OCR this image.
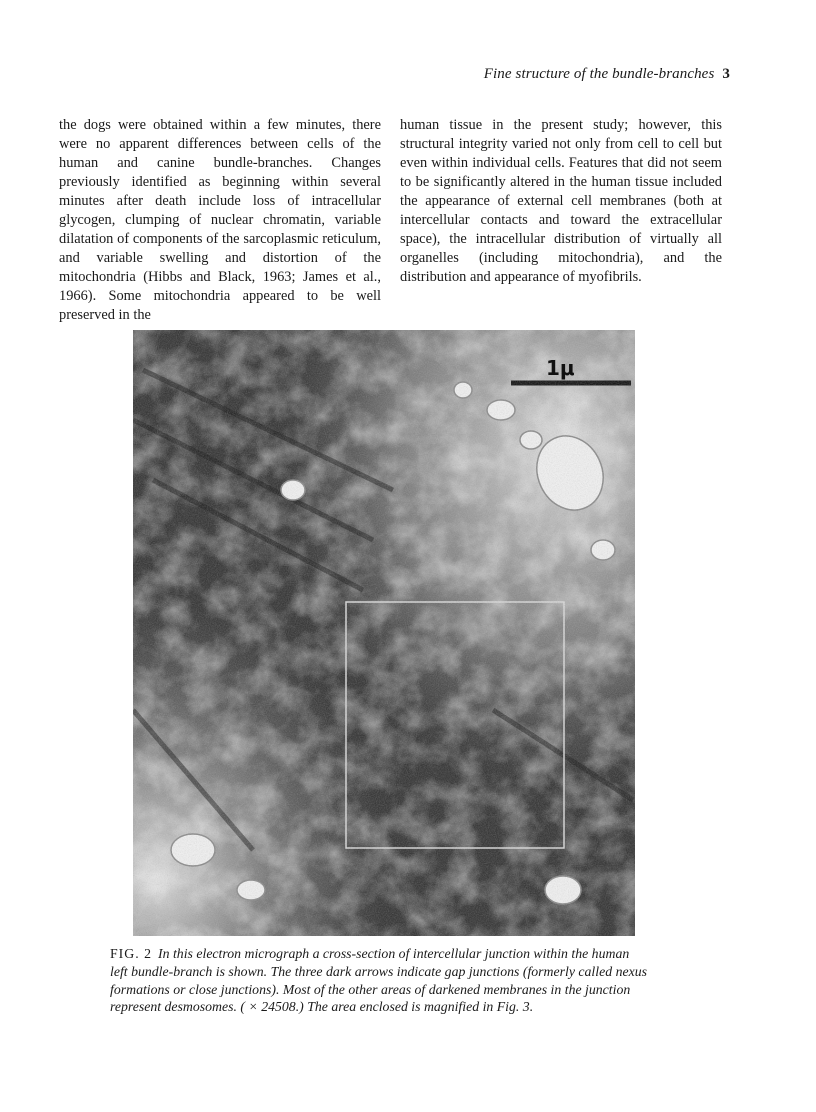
Fine structure of the bundle-branches 3
the dogs were obtained within a few minutes, there were no apparent differences between cells of the human and canine bundle-branches. Changes previously identified as beginning within several minutes after death include loss of intracellular glycogen, clumping of nuclear chromatin, variable dilatation of components of the sarcoplasmic reticulum, and variable swelling and distortion of the mitochondria (Hibbs and Black, 1963; James et al., 1966). Some mitochondria appeared to be well preserved in the
human tissue in the present study; however, this structural integrity varied not only from cell to cell but even within individual cells. Features that did not seem to be significantly altered in the human tissue included the appearance of external cell membranes (both at intercellular contacts and toward the extracellular space), the intracellular distribution of virtually all organelles (including mitochondria), and the distribution and appearance of myofibrils.
1μ
FIG. 2 In this electron micrograph a cross-section of intercellular junction within the human left bundle-branch is shown. The three dark arrows indicate gap junctions (formerly called nexus formations or close junctions). Most of the other areas of darkened membranes in the junction represent desmosomes. ( × 24508.) The area enclosed is magnified in Fig. 3.
